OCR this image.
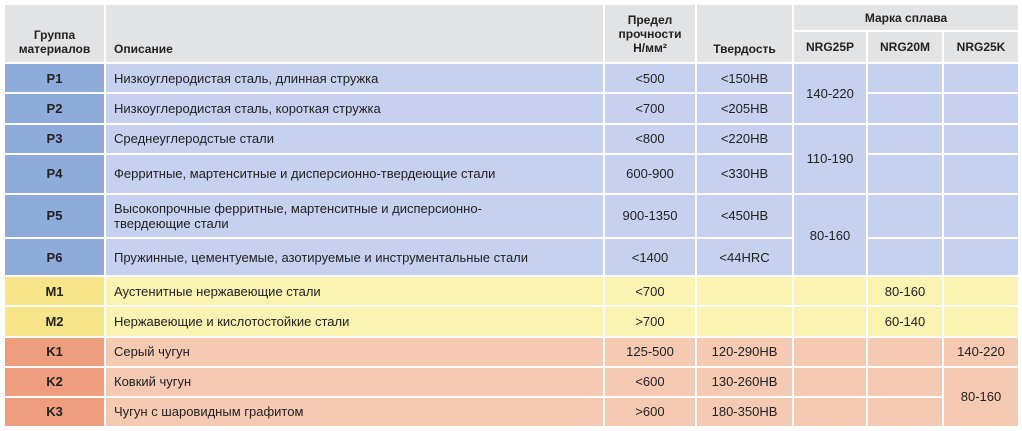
Группа материалов	Описание	Предел прочности Н/мм²	Твердость	Марка сплава		
				NRG25P	NRG20M	NRG25K
P1	Низкоуглеродистая сталь, длинная стружка	<500	<150HB	140-220		
P2	Низкоуглеродистая сталь, короткая стружка	<700	<205HB			
P3	Среднеуглеродстые стали	<800	<220HB	110-190		
P4	Ферритные, мартенситные и дисперсионно-твердеющие стали	600-900	<330HB			
P5	Высокопрочные ферритные, мартенситные и дисперсионно-твердеющие стали	900-1350	<450HB	80-160		
P6	Пружинные, цементуемые, азотируемые и инструментальные стали	<1400	<44HRC			
M1	Аустенитные нержавеющие стали	<700			80-160	
M2	Нержавеющие и кислотостойкие стали	>700			60-140	
K1	Серый чугун	125-500	120-290HB			140-220
K2	Ковкий чугун	<600	130-260HB			80-160
K3	Чугун с шаровидным графитом	>600	180-350HB			
